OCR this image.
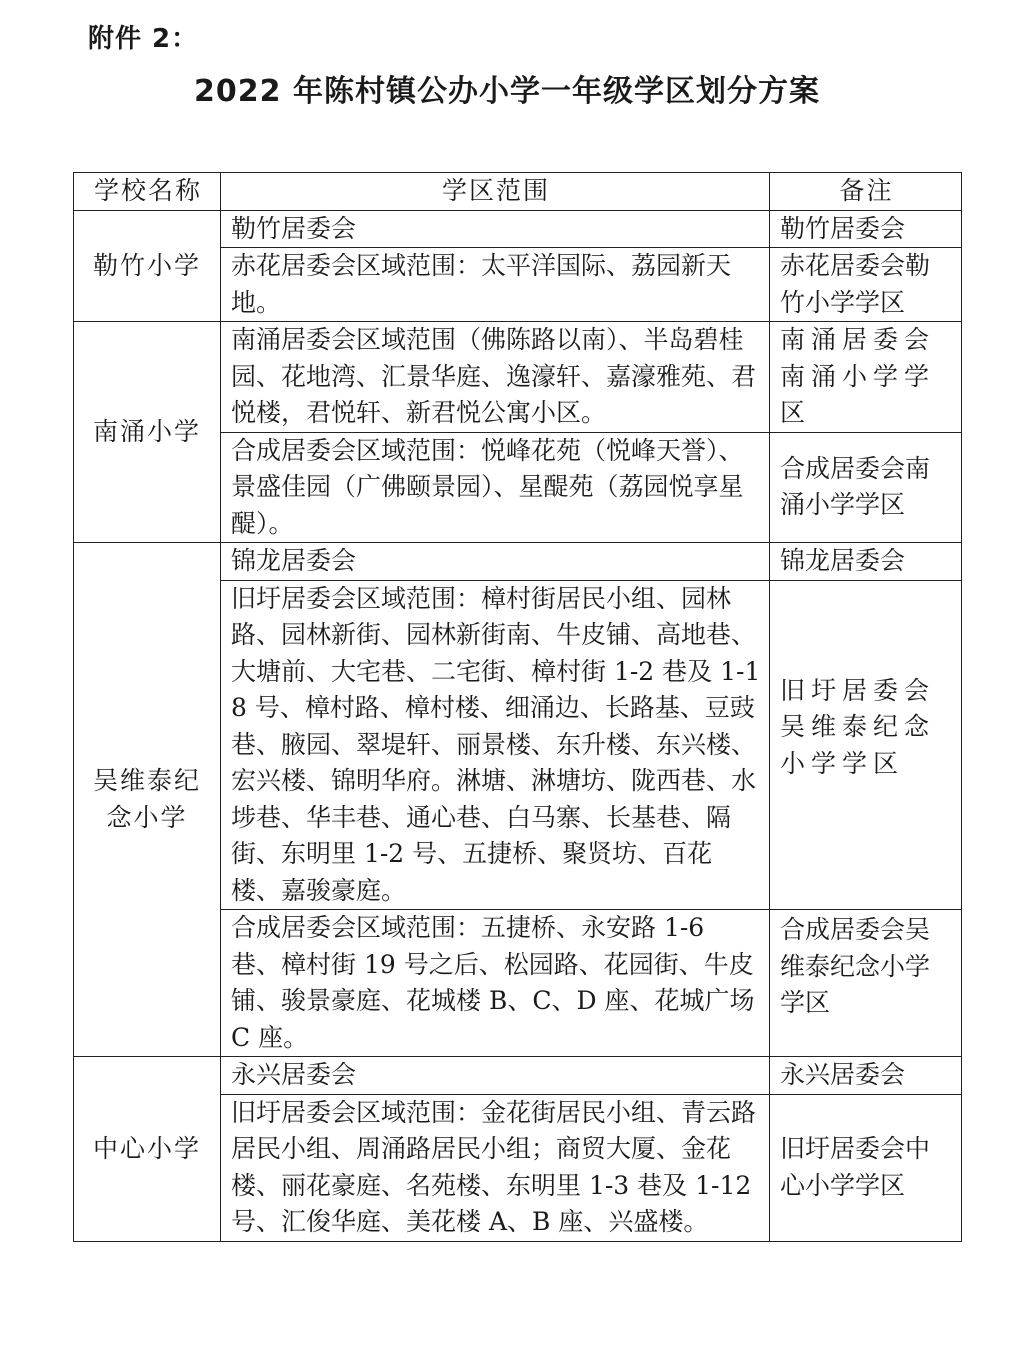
附件 2：
2022 年陈村镇公办小学一年级学区划分方案
学校名称	学区范围	备注
勒竹小学	勒竹居委会	勒竹居委会
	赤花居委会区域范围：太平洋国际、荔园新天地。	赤花居委会勒竹小学学区
南涌小学	南涌居委会区域范围（佛陈路以南）、半岛碧桂园、花地湾、汇景华庭、逸濠轩、嘉濠雅苑、君悦楼，君悦轩、新君悦公寓小区。	南涌居委会南涌小学学区
	合成居委会区域范围：悦峰花苑（悦峰天誉）、景盛佳园（广佛颐景园）、星醍苑（荔园悦享星醍）。	合成居委会南涌小学学区
吴维泰纪念小学	锦龙居委会	锦龙居委会
	旧圩居委会区域范围：樟村街居民小组、园林路、园林新街、园林新街南、牛皮铺、高地巷、大塘前、大宅巷、二宅街、樟村街 1-2 巷及 1-18 号、樟村路、樟村楼、细涌边、长路基、豆豉巷、腋园、翠堤轩、丽景楼、东升楼、东兴楼、宏兴楼、锦明华府。淋塘、淋塘坊、陇西巷、水埗巷、华丰巷、通心巷、白马寨、长基巷、隔街、东明里 1-2 号、五捷桥、聚贤坊、百花楼、嘉骏豪庭。	旧圩居委会吴维泰纪念小学学区
	合成居委会区域范围：五捷桥、永安路 1-6 巷、樟村街 19 号之后、松园路、花园街、牛皮铺、骏景豪庭、花城楼 B、C、D 座、花城广场 C 座。	合成居委会吴维泰纪念小学学区
中心小学	永兴居委会	永兴居委会
	旧圩居委会区域范围：金花街居民小组、青云路居民小组、周涌路居民小组；商贸大厦、金花楼、丽花豪庭、名苑楼、东明里 1-3 巷及 1-12 号、汇俊华庭、美花楼 A、B 座、兴盛楼。	旧圩居委会中心小学学区
